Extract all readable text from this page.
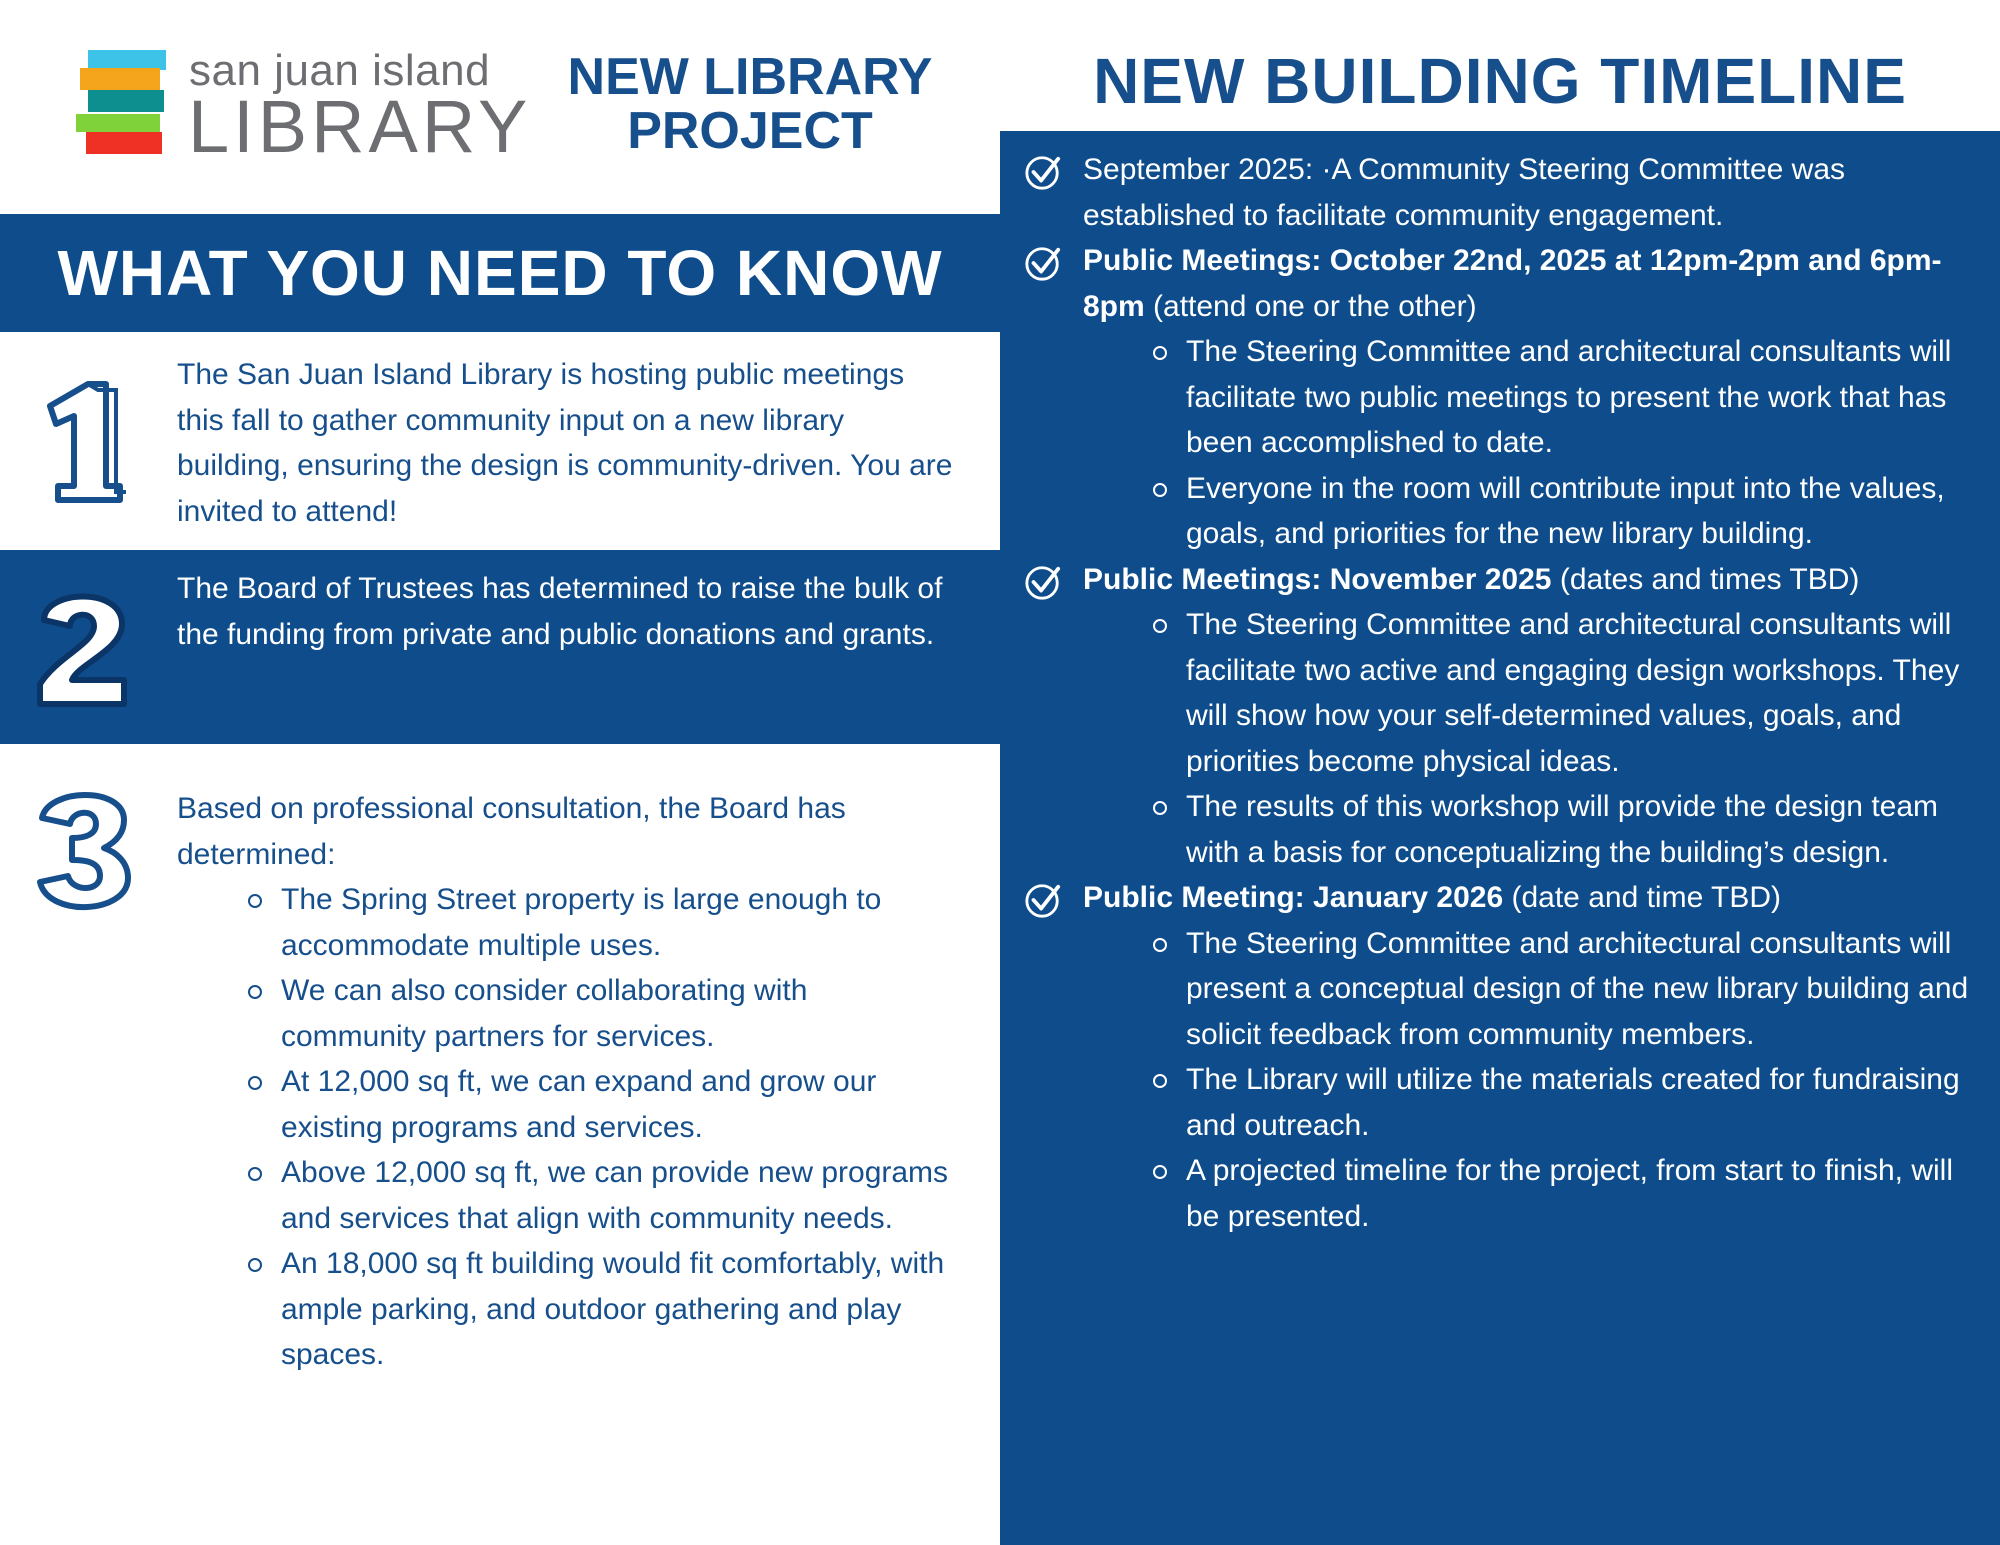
san juan island
LIBRARY
NEW LIBRARY
PROJECT
WHAT YOU NEED TO KNOW
The San Juan Island Library is hosting public meetings this fall to gather community input on a new library building, ensuring the design is community-driven. You are invited to attend!
The Board of Trustees has determined to raise the bulk of the funding from private and public donations and grants.
Based on professional consultation, the Board has determined:
The Spring Street property is large enough to accommodate multiple uses.
We can also consider collaborating with community partners for services.
At 12,000 sq ft, we can expand and grow our existing programs and services.
Above 12,000 sq ft, we can provide new programs and services that align with community needs.
An 18,000 sq ft building would fit comfortably, with ample parking, and outdoor gathering and play spaces.
NEW BUILDING TIMELINE
September 2025: ·A Community Steering Committee was established to facilitate community engagement.
Public Meetings: October 22nd, 2025 at 12pm-2pm and 6pm-8pm (attend one or the other)
The Steering Committee and architectural consultants will facilitate two public meetings to present the work that has been accomplished to date.
Everyone in the room will contribute input into the values, goals, and priorities for the new library building.
Public Meetings: November 2025 (dates and times TBD)
The Steering Committee and architectural consultants will facilitate two active and engaging design workshops. They will show how your self-determined values, goals, and priorities become physical ideas.
The results of this workshop will provide the design team with a basis for conceptualizing the building’s design.
Public Meeting: January 2026 (date and time TBD)
The Steering Committee and architectural consultants will present a conceptual design of the new library building and solicit feedback from community members.
The Library will utilize the materials created for fundraising and outreach.
A projected timeline for the project, from start to finish, will be presented.
